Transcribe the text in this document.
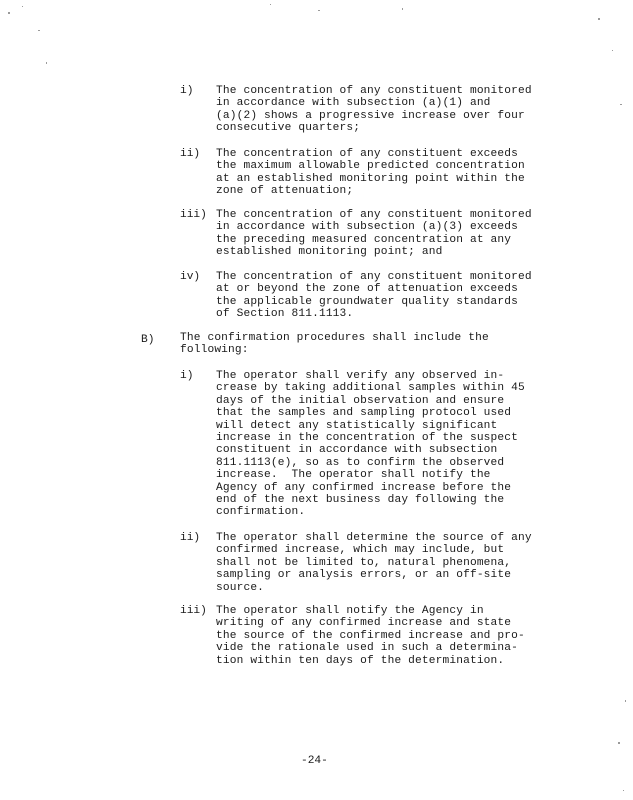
i) The concentration of any constituent monitored
in accordance with subsection (a)(1) and
(a)(2) shows a progressive increase over four
consecutive quarters;
ii) The concentration of any constituent exceeds
the maximum allowable predicted concentration
at an established monitoring point within the
zone of attenuation;
iii) The concentration of any constituent monitored
in accordance with subsection (a)(3) exceeds
the preceding measured concentration at any
established monitoring point; and
iv) The concentration of any constituent monitored
at or beyond the zone of attenuation exceeds
the applicable groundwater quality standards
of Section 811.1113.
B) The confirmation procedures shall include the
following:
i) The operator shall verify any observed in-
crease by taking additional samples within 45
days of the initial observation and ensure
that the samples and sampling protocol used
will detect any statistically significant
increase in the concentration of the suspect
constituent in accordance with subsection
811.1113(e), so as to confirm the observed
increase.  The operator shall notify the
Agency of any confirmed increase before the
end of the next business day following the
confirmation.
ii) The operator shall determine the source of any
confirmed increase, which may include, but
shall not be limited to, natural phenomena,
sampling or analysis errors, or an off-site
source.
iii) The operator shall notify the Agency in
writing of any confirmed increase and state
the source of the confirmed increase and pro-
vide the rationale used in such a determina-
tion within ten days of the determination.
-24-
